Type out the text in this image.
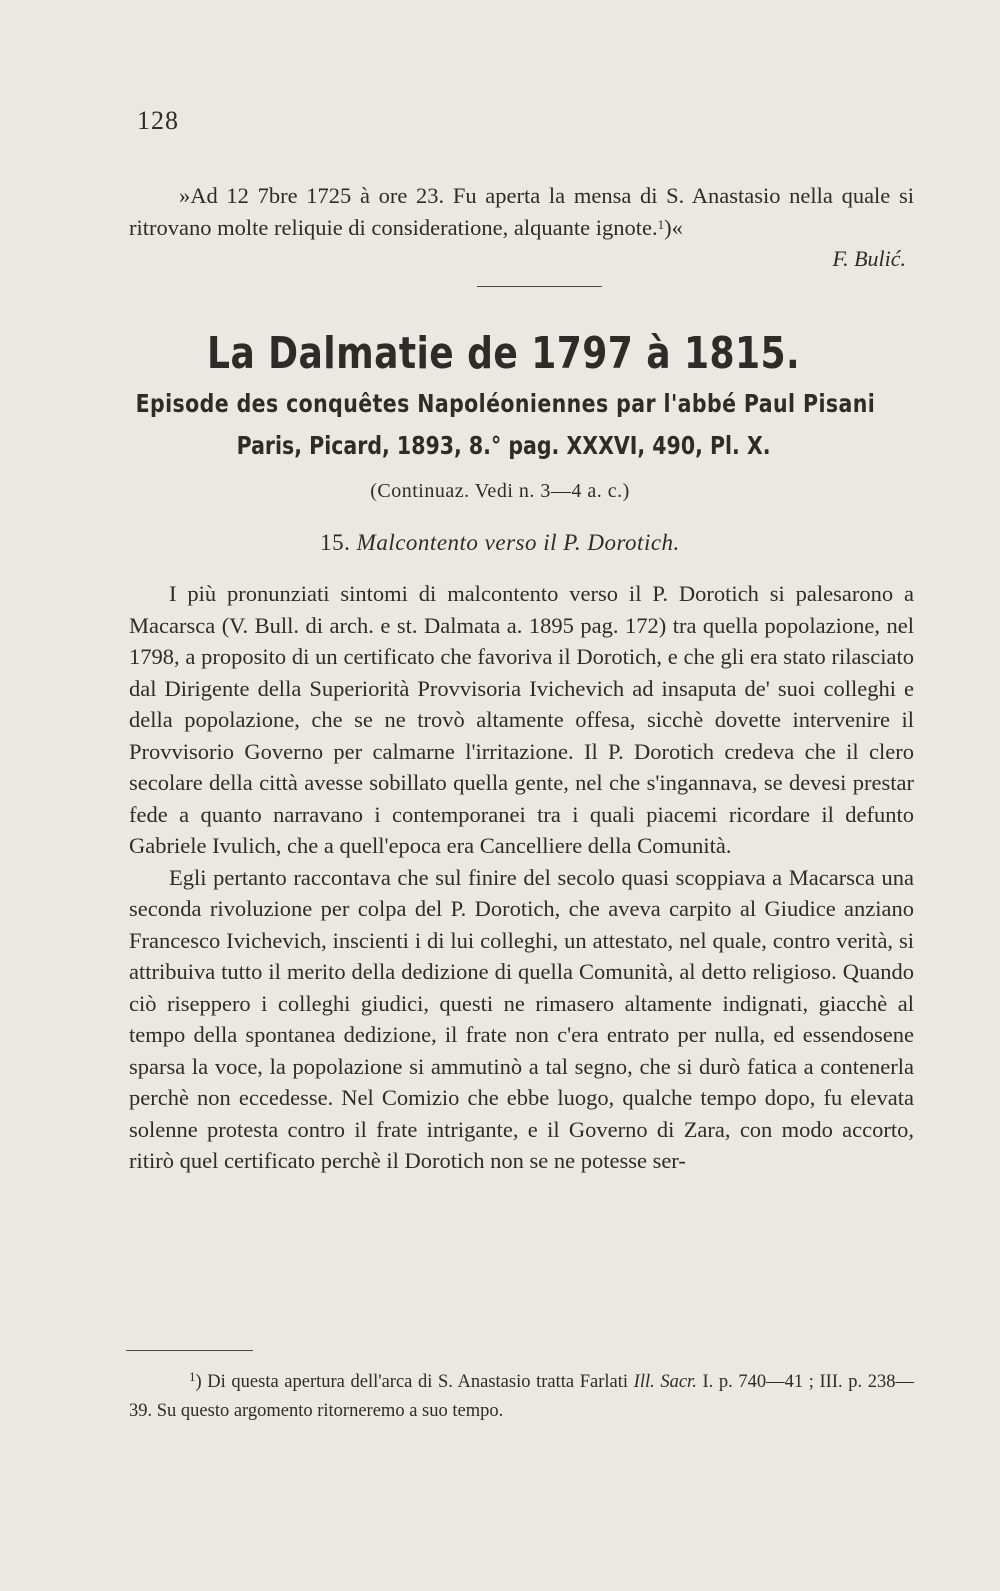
128

»Ad 12 7bre 1725 à ore 23. Fu aperta la mensa di S. Anastasio nella quale si ritrovano molte reliquie di consideratione, alquante ignote.$^1$)«

F. Bulić.
La Dalmatie de 1797 à 1815.
Episode des conquêtes Napoléoniennes par l'abbé Paul Pisani
Paris, Picard, 1893, 8.° pag. XXXVI, 490, Pl. X.
(Continuaz. Vedi n. 3—4 a. c.)
15. Malcontento verso il P. Dorotich.

I più pronunziati sintomi di malcontento verso il P. Dorotich si palesarono a Macarsca (V. Bull. di arch. e st. Dalmata a. 1895 pag. 172) tra quella popolazione, nel 1798, a proposito di un certificato che favoriva il Dorotich, e che gli era stato rilasciato dal Dirigente della Superiorità Provvisoria Ivichevich ad insaputa de' suoi colleghi e della popolazione, che se ne trovò altamente offesa, sicchè dovette intervenire il Provvisorio Governo per calmarne l'irritazione. Il P. Dorotich credeva che il clero secolare della città avesse sobillato quella gente, nel che s'ingannava, se devesi prestar fede a quanto narravano i contemporanei tra i quali piacemi ricordare il defunto Gabriele Ivulich, che a quell'epoca era Cancelliere della Comunità.

Egli pertanto raccontava che sul finire del secolo quasi scoppiava a Macarsca una seconda rivoluzione per colpa del P. Dorotich, che aveva carpito al Giudice anziano Francesco Ivichevich, inscienti i di lui colleghi, un attestato, nel quale, contro verità, si attribuiva tutto il merito della dedizione di quella Comunità, al detto religioso. Quando ciò riseppero i colleghi giudici, questi ne rimasero altamente indignati, giacchè al tempo della spontanea dedizione, il frate non c'era entrato per nulla, ed essendosene sparsa la voce, la popolazione si ammutinò a tal segno, che si durò fatica a contenerla perchè non eccedesse. Nel Comizio che ebbe luogo, qualche tempo dopo, fu elevata solenne protesta contro il frate intrigante, e il Governo di Zara, con modo accorto, ritirò quel certificato perchè il Dorotich non se ne potesse ser-

$^1$) Di questa apertura dell'arca di S. Anastasio tratta Farlati Ill. Sacr. I. p. 740—41 ; III. p. 238—39. Su questo argomento ritorneremo a suo tempo.
